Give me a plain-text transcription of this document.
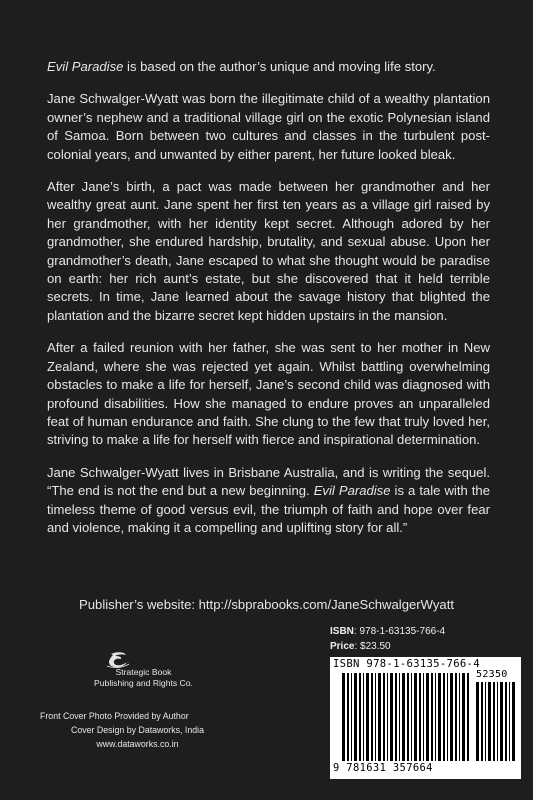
Evil Paradise is based on the author’s unique and moving life story.

Jane Schwalger-Wyatt was born the illegitimate child of a wealthy plantation owner’s nephew and a traditional village girl on the exotic Polynesian island of Samoa. Born between two cultures and classes in the turbulent post-colonial years, and unwanted by either parent, her future looked bleak.

After Jane’s birth, a pact was made between her grandmother and her wealthy great aunt. Jane spent her first ten years as a village girl raised by her grandmother, with her identity kept secret. Although adored by her grandmother, she endured hardship, brutality, and sexual abuse. Upon her grandmother’s death, Jane escaped to what she thought would be paradise on earth: her rich aunt’s estate, but she discovered that it held terrible secrets. In time, Jane learned about the savage history that blighted the plantation and the bizarre secret kept hidden upstairs in the mansion.

After a failed reunion with her father, she was sent to her mother in New Zealand, where she was rejected yet again. Whilst battling overwhelming obstacles to make a life for herself, Jane’s second child was diagnosed with profound disabilities. How she managed to endure proves an unparalleled feat of human endurance and faith. She clung to the few that truly loved her, striving to make a life for herself with fierce and inspirational determination.

Jane Schwalger-Wyatt lives in Brisbane Australia, and is writing the sequel. “The end is not the end but a new beginning. Evil Paradise is a tale with the timeless theme of good versus evil, the triumph of faith and hope over fear and violence, making it a compelling and uplifting story for all.”

Publisher’s website: http://sbprabooks.com/JaneSchwalgerWyatt
ISBN: 978-1-63135-766-4
Price: $23.50
ISBN 978-1-63135-766-4
52350
9 781631 357664
Strategic Book
Publishing and Rights Co.
Front Cover Photo Provided by Author
Cover Design by Dataworks, India
www.dataworks.co.in
